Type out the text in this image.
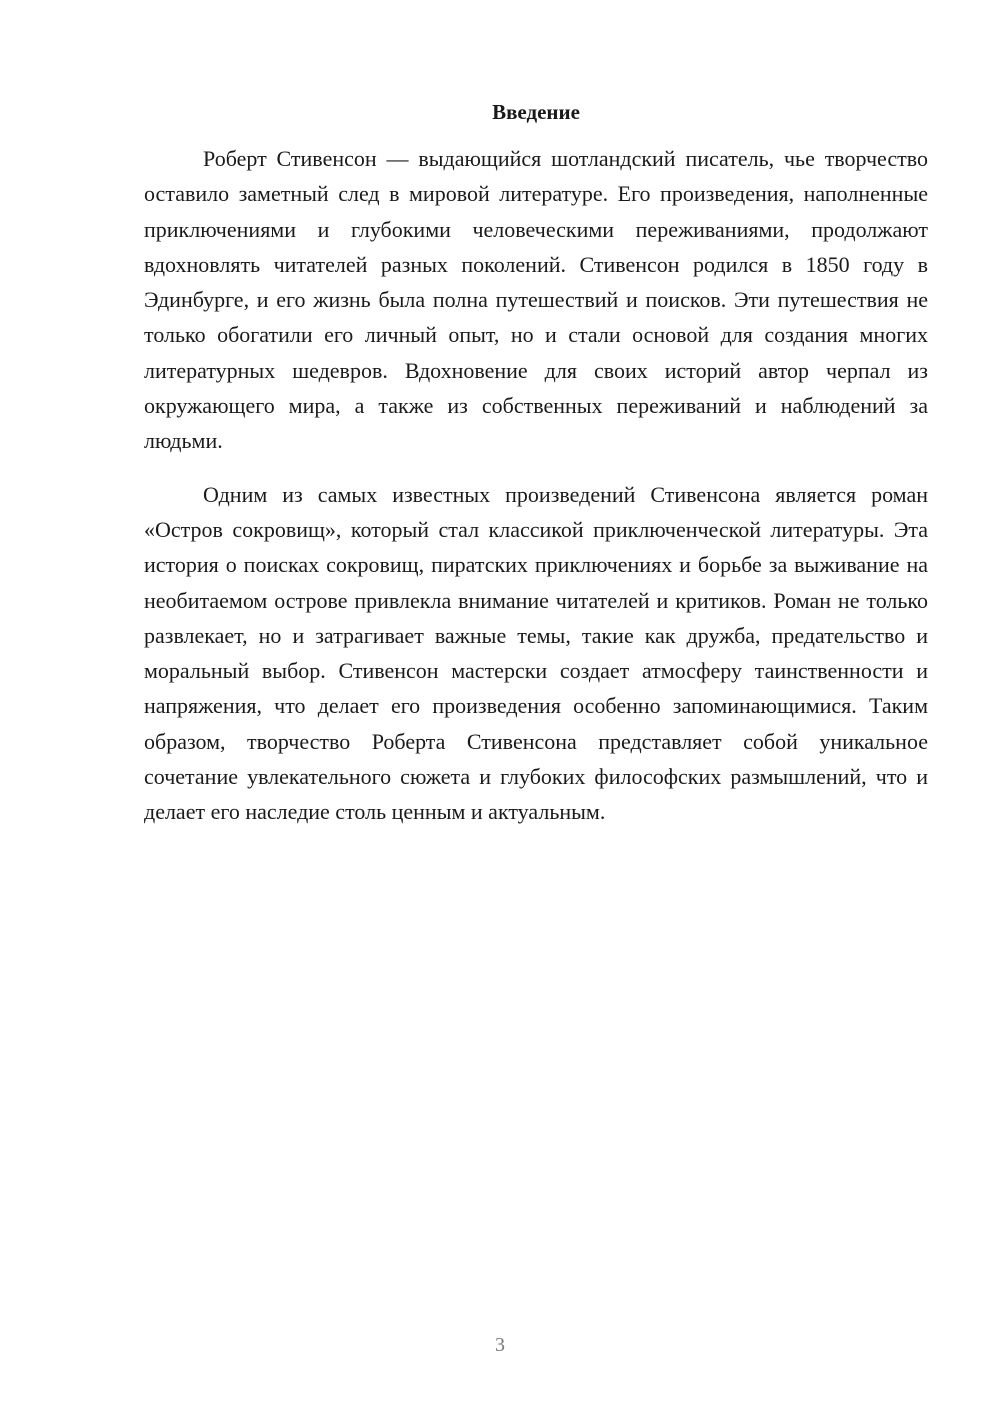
Введение

Роберт Стивенсон — выдающийся шотландский писатель, чье творчество оставило заметный след в мировой литературе. Его произведения, наполненные приключениями и глубокими человеческими переживаниями, продолжают вдохновлять читателей разных поколений. Стивенсон родился в 1850 году в Эдинбурге, и его жизнь была полна путешествий и поисков. Эти путешествия не только обогатили его личный опыт, но и стали основой для создания многих литературных шедевров. Вдохновение для своих историй автор черпал из окружающего мира, а также из собственных переживаний и наблюдений за людьми.

Одним из самых известных произведений Стивенсона является роман «Остров сокровищ», который стал классикой приключенческой литературы. Эта история о поисках сокровищ, пиратских приключениях и борьбе за выживание на необитаемом острове привлекла внимание читателей и критиков. Роман не только развлекает, но и затрагивает важные темы, такие как дружба, предательство и моральный выбор. Стивенсон мастерски создает атмосферу таинственности и напряжения, что делает его произведения особенно запоминающимися. Таким образом, творчество Роберта Стивенсона представляет собой уникальное сочетание увлекательного сюжета и глубоких философских размышлений, что и делает его наследие столь ценным и актуальным.

3
